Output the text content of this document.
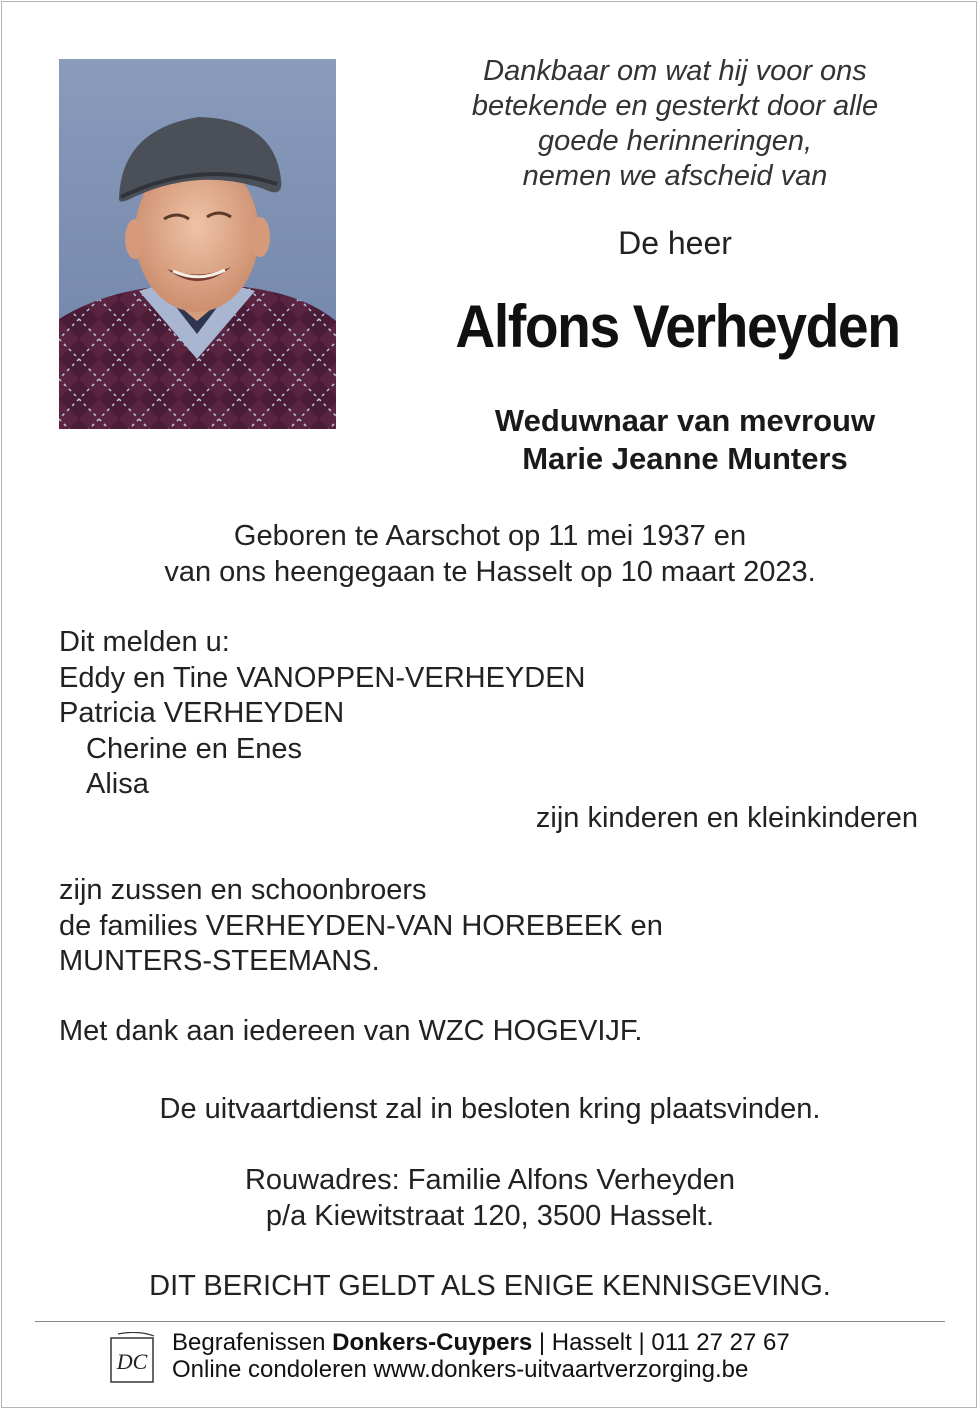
Dankbaar om wat hij voor ons
betekende en gesterkt door alle
goede herinneringen,
nemen we afscheid van
De heer
Alfons Verheyden
Weduwnaar van mevrouw
Marie Jeanne Munters
Geboren te Aarschot op 11 mei 1937 en
van ons heengegaan te Hasselt op 10 maart 2023.
Dit melden u:
Eddy en Tine VANOPPEN-VERHEYDEN
Patricia VERHEYDEN
Cherine en Enes
Alisa
zijn kinderen en kleinkinderen
zijn zussen en schoonbroers
de families VERHEYDEN-VAN HOREBEEK en
MUNTERS-STEEMANS.
Met dank aan iedereen van WZC HOGEVIJF.
De uitvaartdienst zal in besloten kring plaatsvinden.
Rouwadres: Familie Alfons Verheyden
p/a Kiewitstraat 120, 3500 Hasselt.
DIT BERICHT GELDT ALS ENIGE KENNISGEVING.
DC
Begrafenissen Donkers-Cuypers | Hasselt | 011 27 27 67
Online condoleren www.donkers-uitvaartverzorging.be
